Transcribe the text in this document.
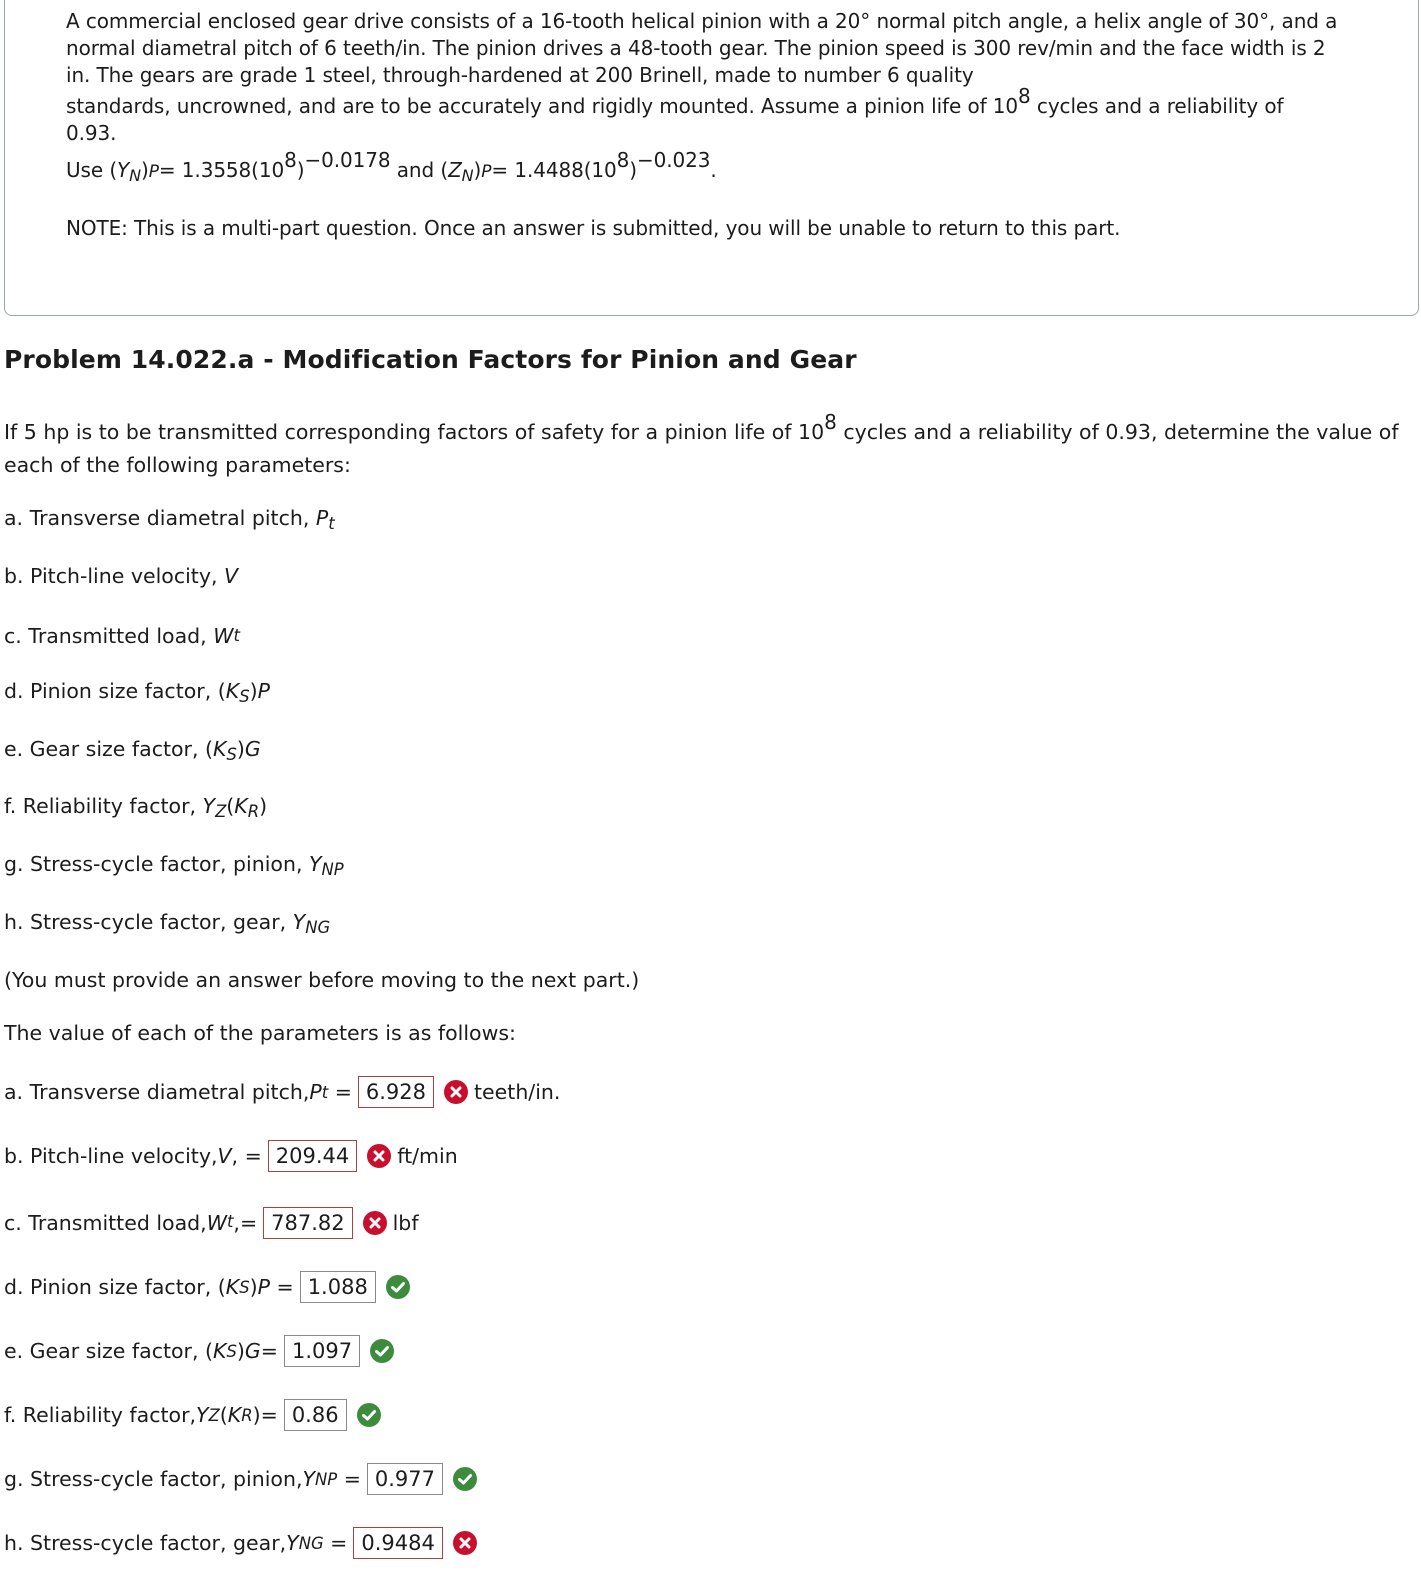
A commercial enclosed gear drive consists of a 16-tooth helical pinion with a 20° normal pitch angle, a helix angle of 30°, and a normal diametral pitch of 6 teeth/in. The pinion drives a 48-tooth gear. The pinion speed is 300 rev/min and the face width is 2 in. The gears are grade 1 steel, through-hardened at 200 Brinell, made to number 6 quality

standards, uncrowned, and are to be accurately and rigidly mounted. Assume a pinion life of 108 cycles and a reliability of

0.93.

Use $(Y_N)P= 1.3558(108)-0.0178$ and $(Z_N)P= 1.4488(108)-0.023$.

NOTE: This is a multi-part question. Once an answer is submitted, you will be unable to return to this part.

Problem 14.022.a - Modification Factors for Pinion and Gear
If 5 hp is to be transmitted corresponding factors of safety for a pinion life of 108 cycles and a reliability of 0.93, determine the value of
each of the following parameters:
a. Transverse diametral pitch, $P_t$
b. Pitch-line velocity, V
c. Transmitted load, $W^t$
d. Pinion size factor, $(K_S)P$
e. Gear size factor, $(K_S)G$
f. Reliability factor, $Y_Z(K_R)$
g. Stress-cycle factor, pinion, $Y_{NP}$
h. Stress-cycle factor, gear, $Y_{NG}$
(You must provide an answer before moving to the next part.)
The value of each of the parameters is as follows:
a. Transverse diametral pitch, P t = 6.928	teeth/in.
b. Pitch-line velocity, V , = 209.44	ft/min
c. Transmitted load, W $^t$ ,= 787.82	lbf
d. Pinion size factor, ( K S ) P = 1.088
e. Gear size factor, ( K S ) G = 1.097
f. Reliability factor, Y Z ( K R )= 0.86
g. Stress-cycle factor, pinion, Y NP = 0.977
h. Stress-cycle factor, gear, Y NG = 0.9484
